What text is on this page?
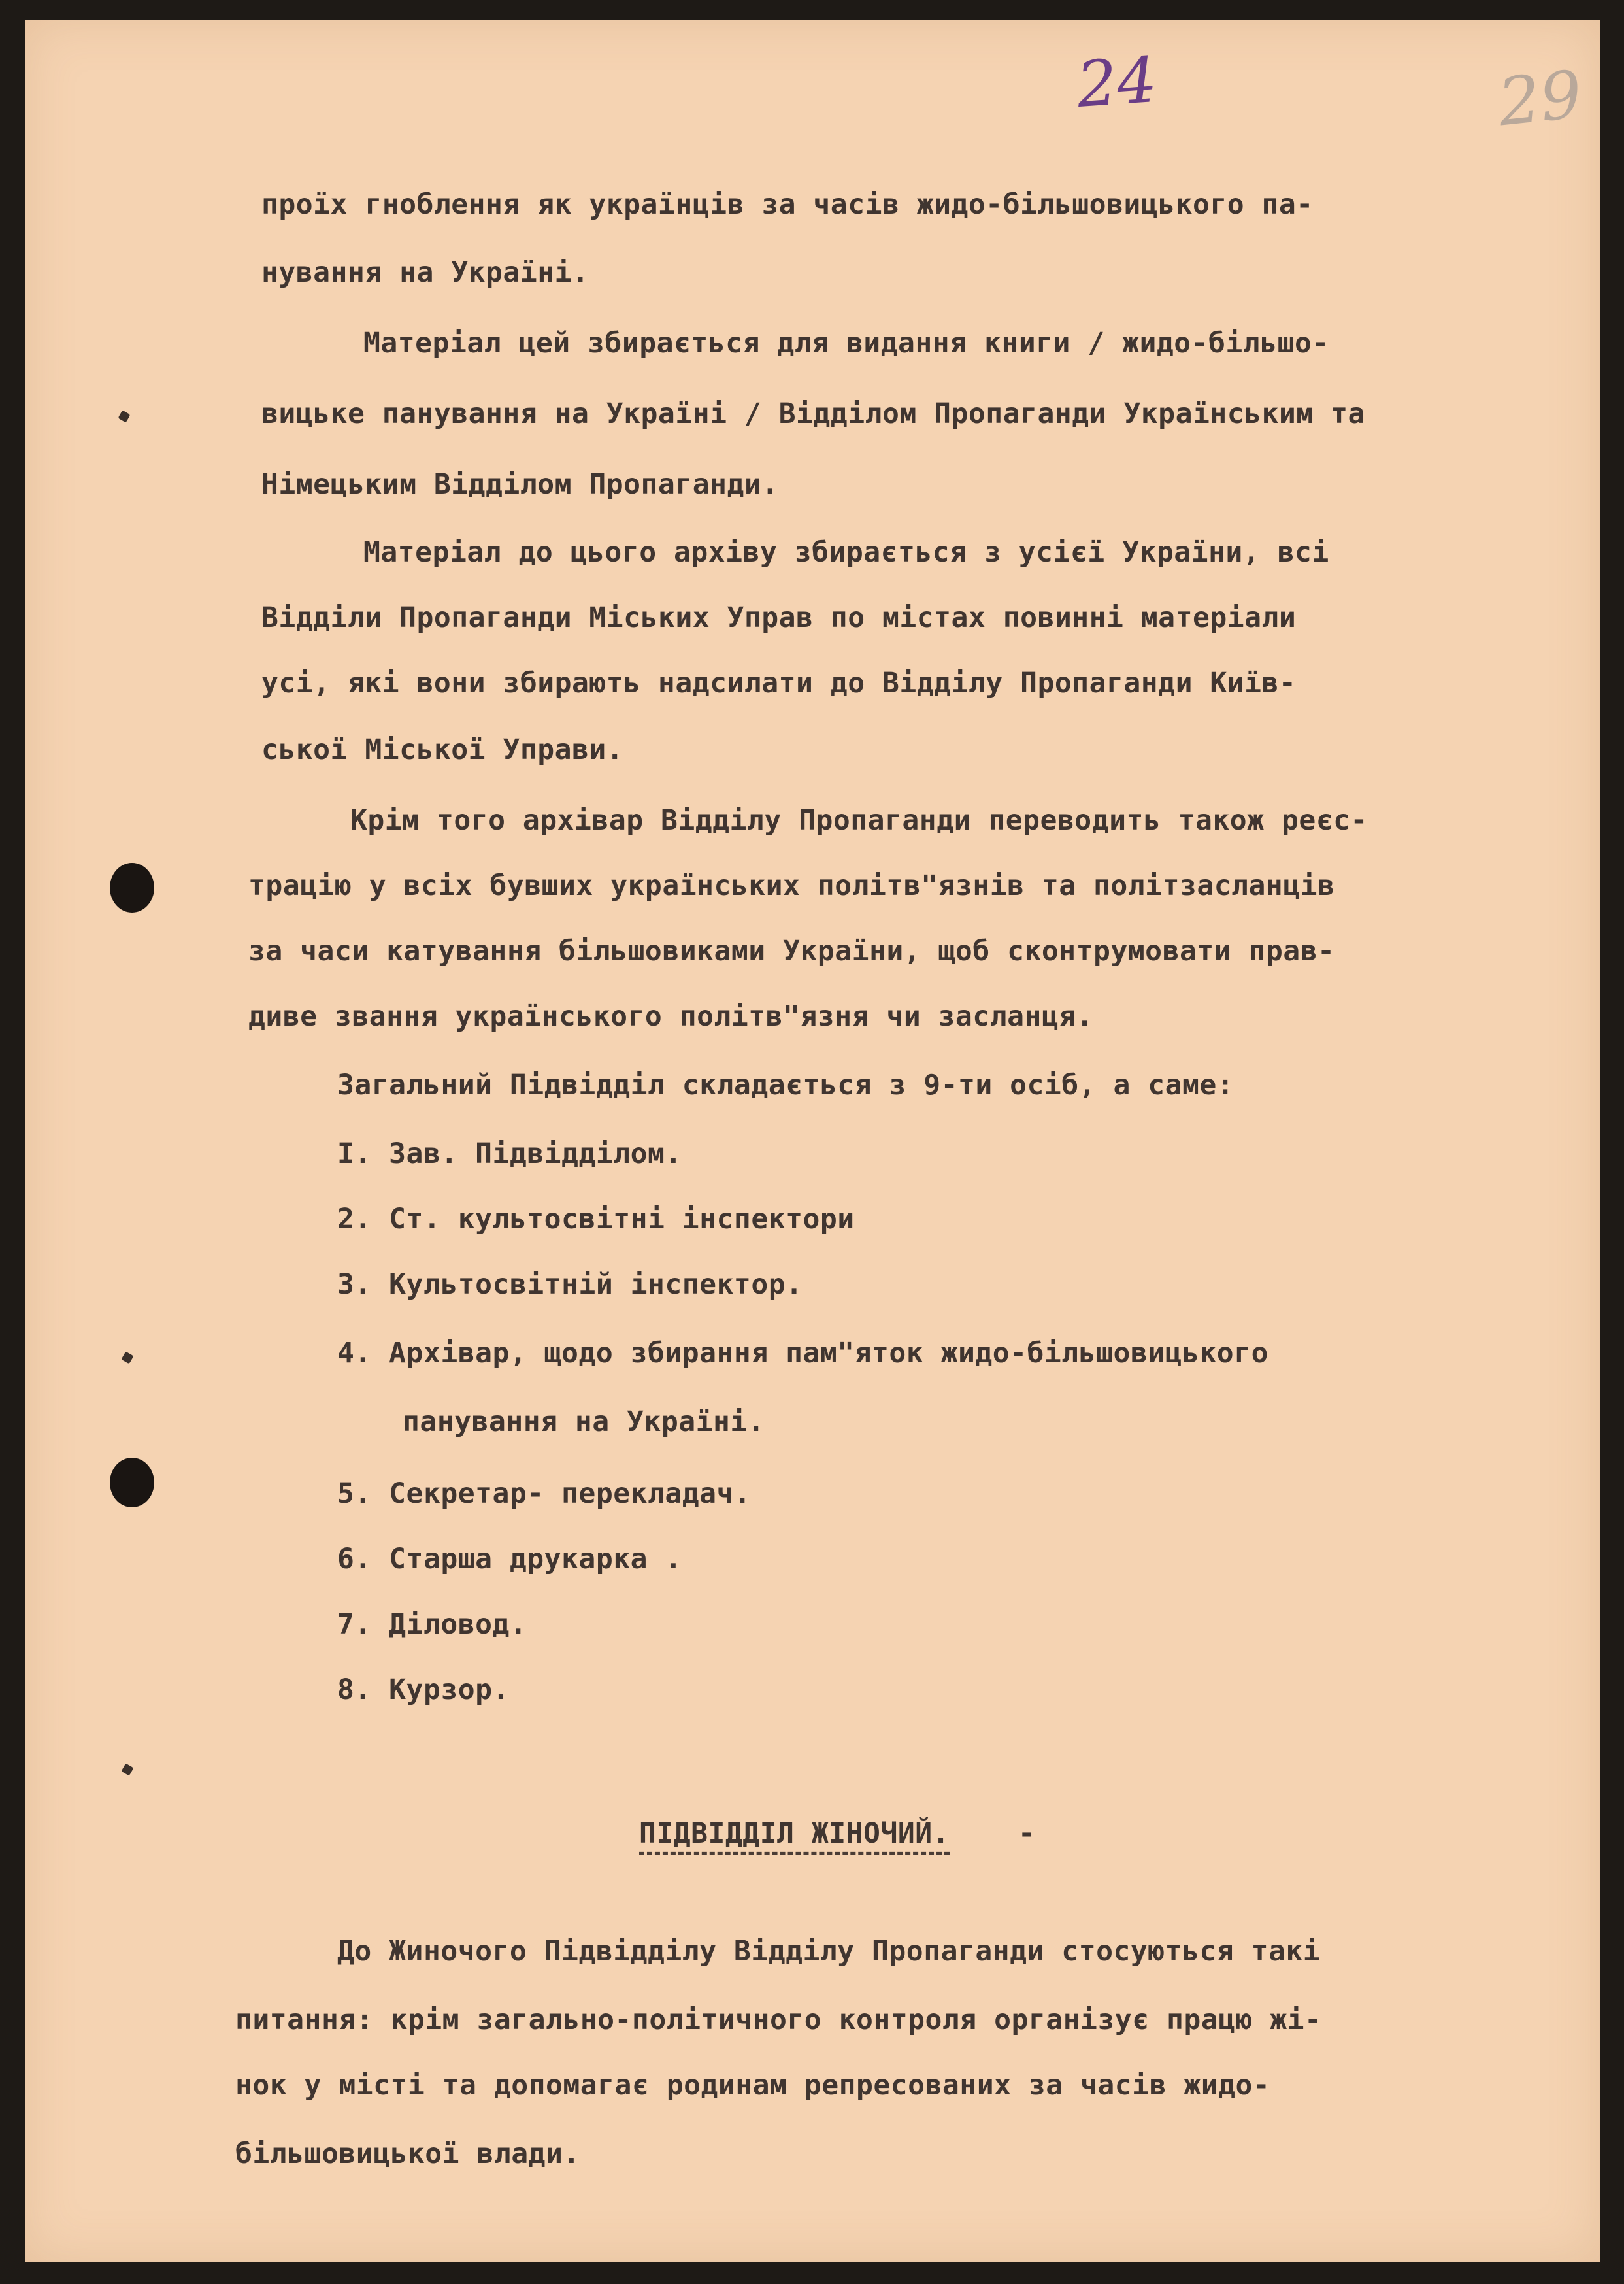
24	29
проїх гноблення як українців за часів жидо-більшовицького па-
нування на Україні.
Матеріал цей збирається для видання книги / жидо-більшо-
вицьке панування на Україні / Відділом Пропаганди Українським та
Німецьким Відділом Пропаганди.
Матеріал до цього архіву збирається з усієї України, всі
Відділи Пропаганди Міських Управ по містах повинні матеріали
усі, які вони збирають надсилати до Відділу Пропаганди Київ-
ської Міської Управи.
Крім того архівар Відділу Пропаганди переводить також реєс-
трацію у всіх бувших українських політв"язнів та політзасланців
за часи катування більшовиками України, щоб сконтрумовати прав-
диве звання українського політв"язня чи засланця.
Загальний Підвідділ складається з 9-ти осіб, а саме:
І. Зав. Підвідділом.
2. Ст. культосвітні інспектори
3. Культосвітній інспектор.
4. Архівар, щодо збирання пам"яток жидо-більшовицького
панування на Україні.
5. Секретар- перекладач.
6. Старша друкарка .
7. Діловод.
8. Курзор.
ПІДВІДДІЛ ЖІНОЧИЙ. -
До Жиночого Підвідділу Відділу Пропаганди стосуються такі
питання: крім загально-політичного контроля організує працю жі-
нок у місті та допомагає родинам репресованих за часів жидо-
більшовицької влади.
